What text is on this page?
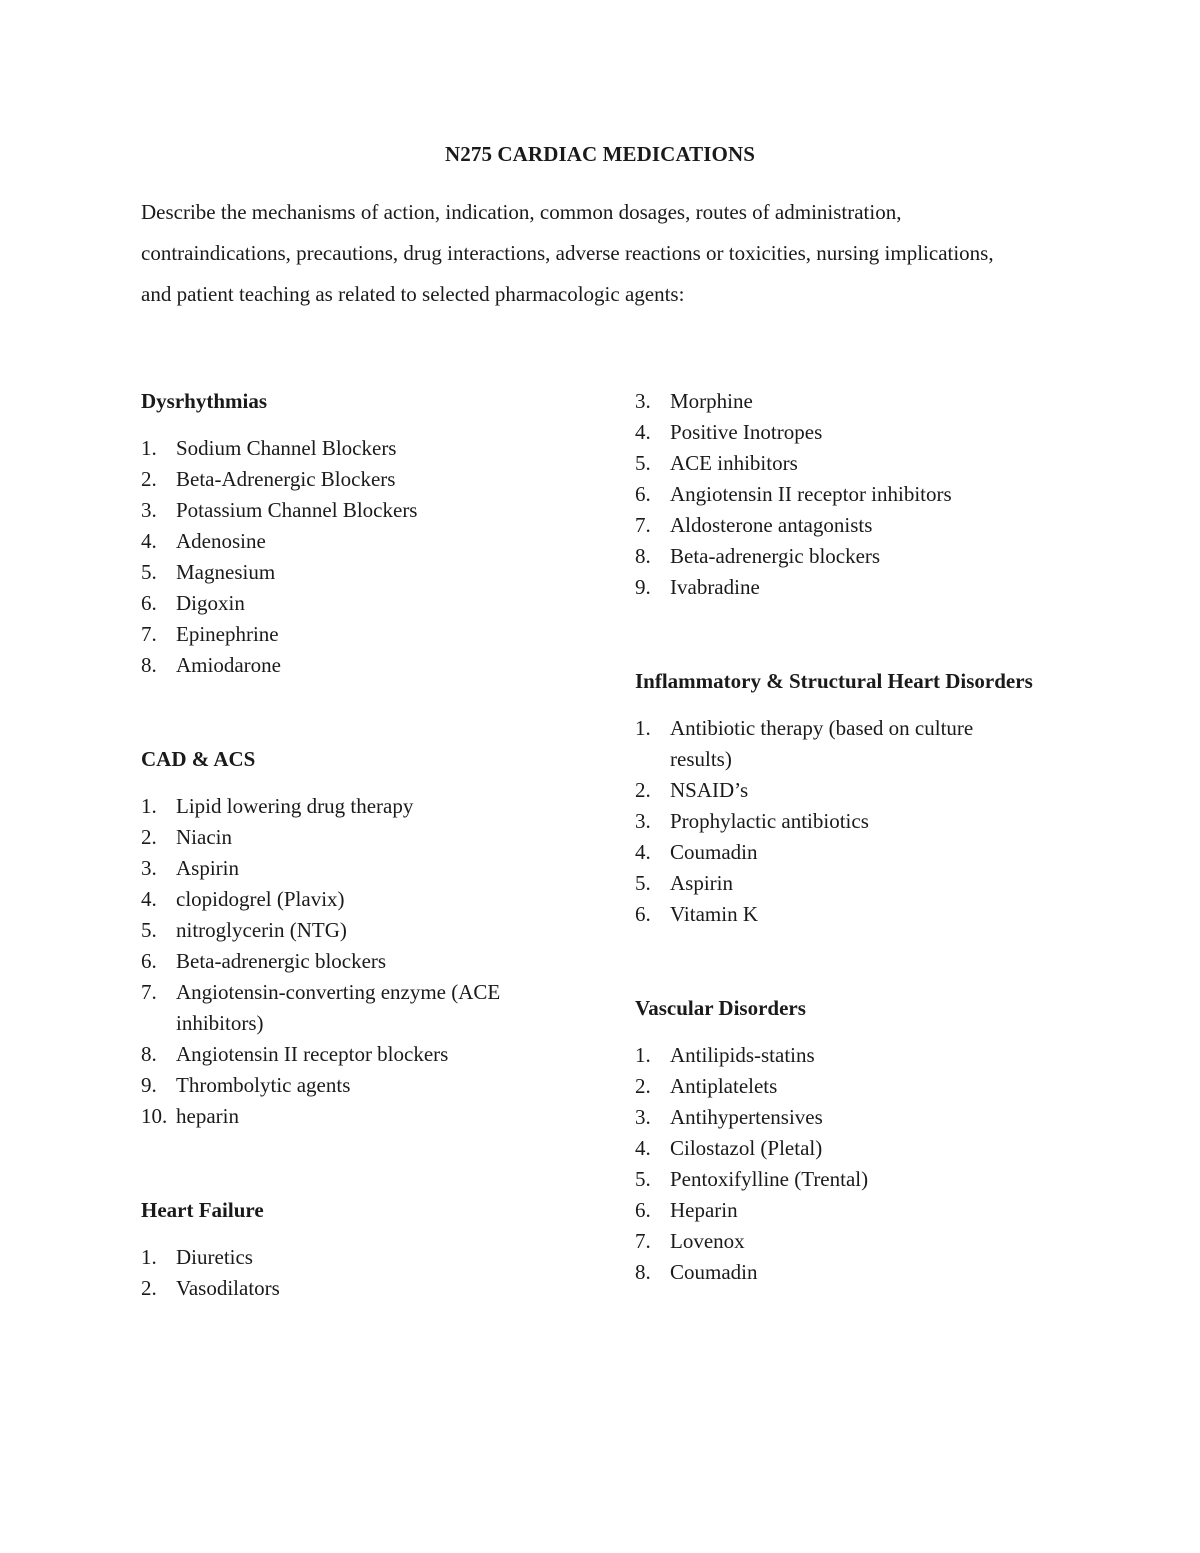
N275 CARDIAC MEDICATIONS

Describe the mechanisms of action, indication, common dosages, routes of administration, contraindications, precautions, drug interactions, adverse reactions or toxicities, nursing implications, and patient teaching as related to selected pharmacologic agents:

Dysrhythmias
1. Sodium Channel Blockers
2. Beta-Adrenergic Blockers
3. Potassium Channel Blockers
4. Adenosine
5. Magnesium
6. Digoxin
7. Epinephrine
8. Amiodarone
CAD & ACS
1. Lipid lowering drug therapy
2. Niacin
3. Aspirin
4. clopidogrel (Plavix)
5. nitroglycerin (NTG)
6. Beta-adrenergic blockers
7. Angiotensin-converting enzyme (ACE inhibitors)
8. Angiotensin II receptor blockers
9. Thrombolytic agents
10. heparin
Heart Failure
1. Diuretics
2. Vasodilators
3. Morphine
4. Positive Inotropes
5. ACE inhibitors
6. Angiotensin II receptor inhibitors
7. Aldosterone antagonists
8. Beta-adrenergic blockers
9. Ivabradine
Inflammatory & Structural Heart Disorders
1. Antibiotic therapy (based on culture results)
2. NSAID’s
3. Prophylactic antibiotics
4. Coumadin
5. Aspirin
6. Vitamin K
Vascular Disorders
1. Antilipids-statins
2. Antiplatelets
3. Antihypertensives
4. Cilostazol (Pletal)
5. Pentoxifylline (Trental)
6. Heparin
7. Lovenox
8. Coumadin
